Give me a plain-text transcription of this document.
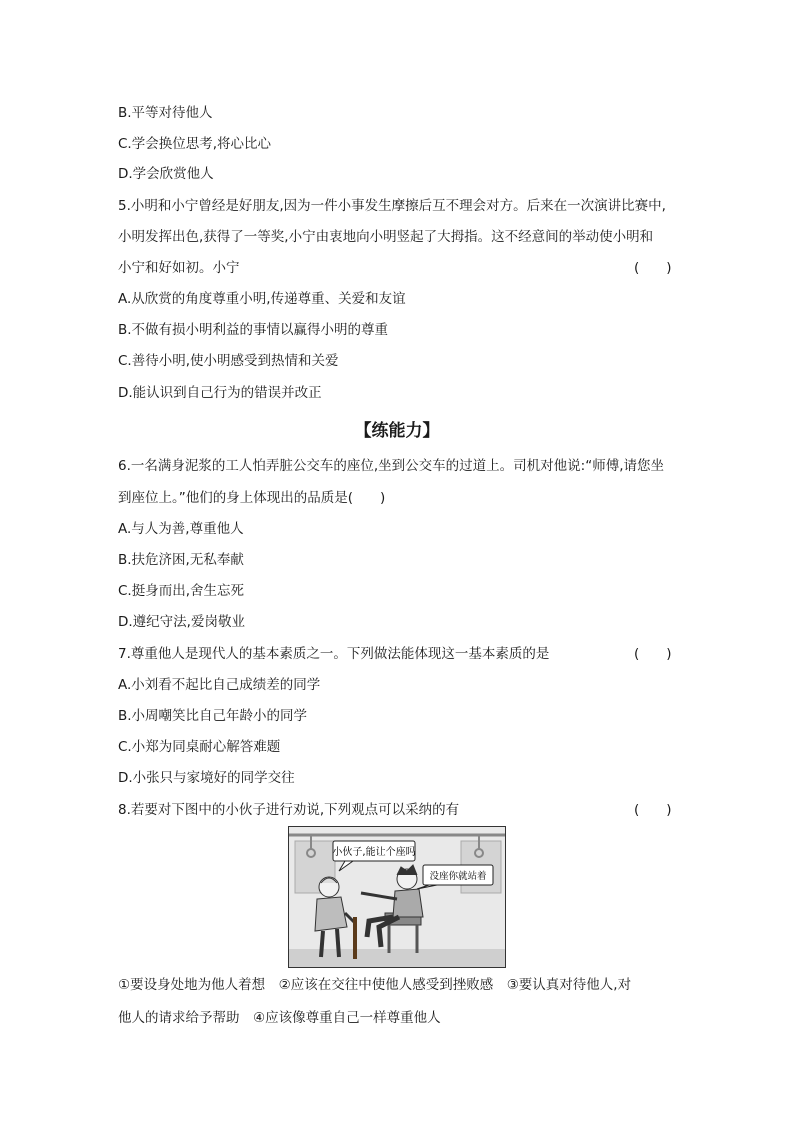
B.平等对待他人
C.学会换位思考,将心比心
D.学会欣赏他人
5.小明和小宁曾经是好朋友,因为一件小事发生摩擦后互不理会对方。后来在一次演讲比赛中,
小明发挥出色,获得了一等奖,小宁由衷地向小明竖起了大拇指。这不经意间的举动使小明和
小宁和好如初。小宁	(　　)
A.从欣赏的角度尊重小明,传递尊重、关爱和友谊
B.不做有损小明利益的事情以赢得小明的尊重
C.善待小明,使小明感受到热情和关爱
D.能认识到自己行为的错误并改正
【练能力】
6.一名满身泥浆的工人怕弄脏公交车的座位,坐到公交车的过道上。司机对他说:“师傅,请您坐
到座位上。”他们的身上体现出的品质是(　　)
A.与人为善,尊重他人
B.扶危济困,无私奉献
C.挺身而出,舍生忘死
D.遵纪守法,爱岗敬业
7.尊重他人是现代人的基本素质之一。下列做法能体现这一基本素质的是	(　　)
A.小刘看不起比自己成绩差的同学
B.小周嘲笑比自己年龄小的同学
C.小郑为同桌耐心解答难题
D.小张只与家境好的同学交往
8.若要对下图中的小伙子进行劝说,下列观点可以采纳的有	(　　)
小伙子,能让个座吗
没座你就站着
①要设身处地为他人着想　②应该在交往中使他人感受到挫败感　③要认真对待他人,对
他人的请求给予帮助　④应该像尊重自己一样尊重他人
